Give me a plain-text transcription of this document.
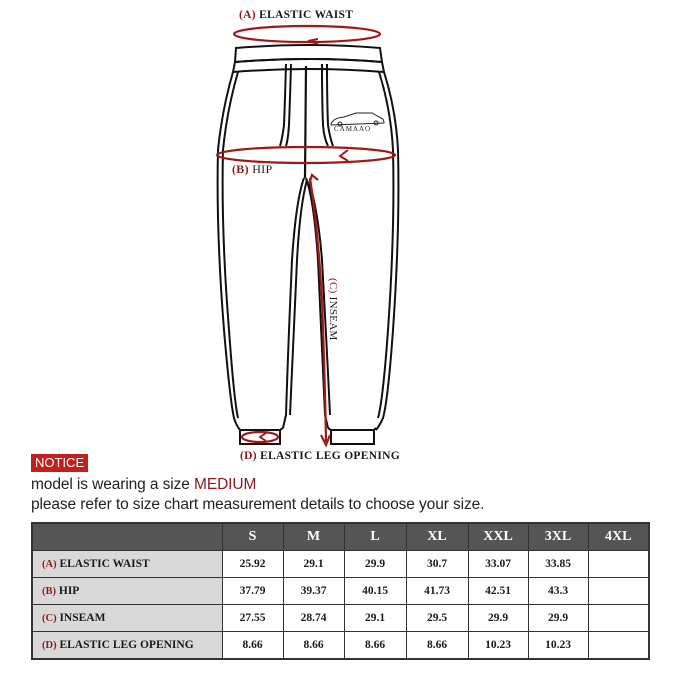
CAMAAO
(A) ELASTIC WAIST
(B) HIP
(C) INSEAM
(D) ELASTIC LEG OPENING
NOTICE
model is wearing a size MEDIUM
please refer to size chart measurement details to choose your size.
	S	M	L	XL	XXL	3XL	4XL
(A) ELASTIC WAIST	25.92	29.1	29.9	30.7	33.07	33.85	
(B) HIP	37.79	39.37	40.15	41.73	42.51	43.3	
(C) INSEAM	27.55	28.74	29.1	29.5	29.9	29.9	
(D) ELASTIC LEG OPENING	8.66	8.66	8.66	8.66	10.23	10.23	
